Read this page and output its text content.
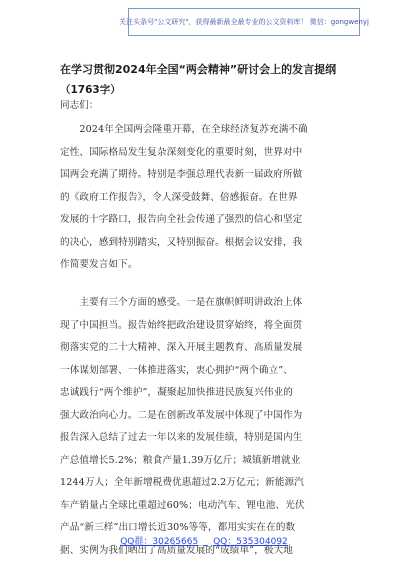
关注头条号"公文研究"，获得最新最全最专业的公文资料库！ 微信：gongwenyj
在学习贯彻2024年全国“两会精神”研讨会上的发言提纲
（1763字）
同志们：
　　2024年全国两会隆重开幕，在全球经济复苏充满不确
定性、国际格局发生复杂深刻变化的重要时刻，世界对中
国两会充满了期待。特别是李强总理代表新一届政府所做
的《政府工作报告》，令人深受鼓舞、倍感振奋。在世界
发展的十字路口，报告向全社会传递了强烈的信心和坚定
的决心，感到特别踏实，又特别振奋。根据会议安排，我
作简要发言如下。
　　主要有三个方面的感受。一是在旗帜鲜明讲政治上体
现了中国担当。报告始终把政治建设贯穿始终，将全面贯
彻落实党的二十大精神、深入开展主题教育、高质量发展
一体谋划部署、一体推进落实，衷心拥护“两个确立”、
忠诚践行“两个维护”，凝聚起加快推进民族复兴伟业的
强大政治向心力。二是在创新改革发展中体现了中国作为
报告深入总结了过去一年以来的发展佳绩，特别是国内生
产总值增长5.2%；粮食产量1.39万亿斤；城镇新增就业
1244万人；全年新增税费优惠超过2.2万亿元；新能源汽
车产销量占全球比重超过60%；电动汽车、锂电池、光伏
产品“新三样”出口增长近30%等等，都用实实在在的数
据、实例为我们晒出了高质量发展的“成绩单”，极大地
QQ群：30265665 QQ：535304092
